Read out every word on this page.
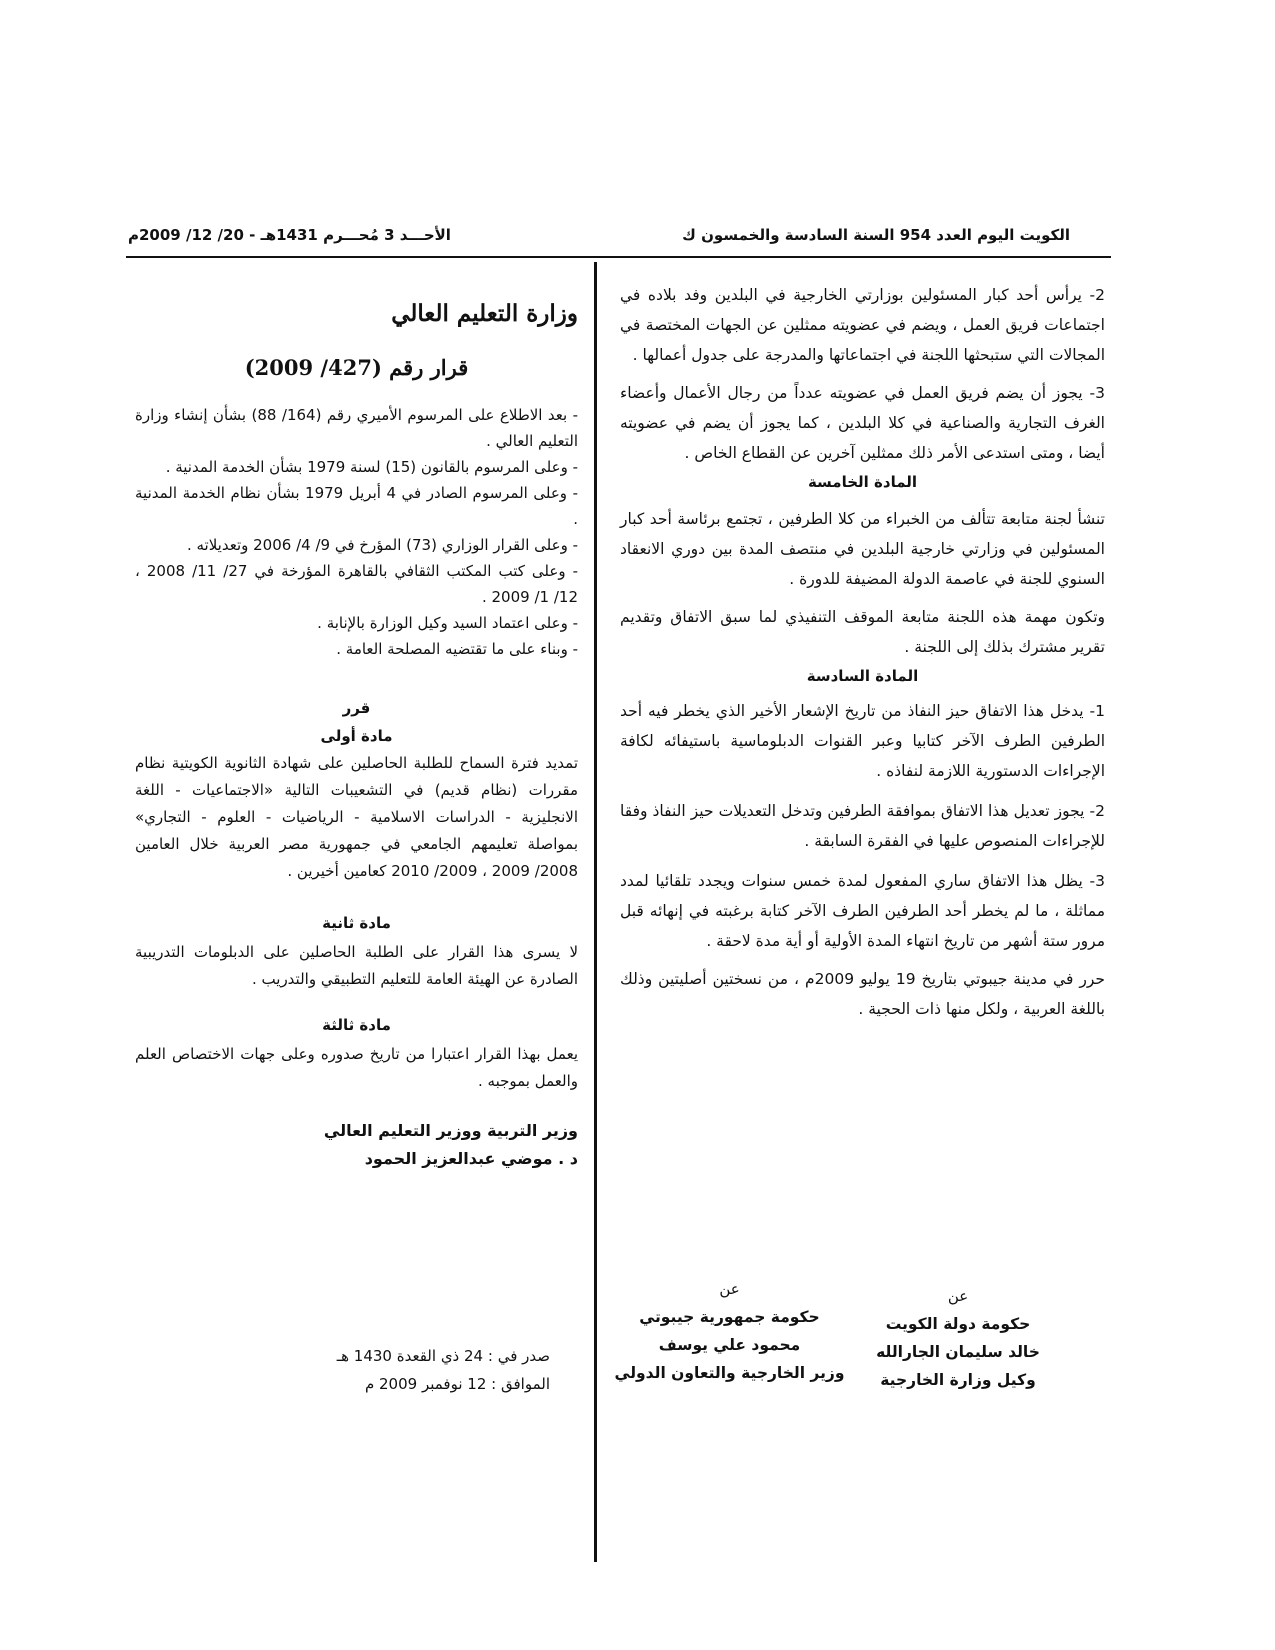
الكويت اليوم العدد 954 السنة السادسة والخمسون ك
الأحـــد 3 مُحـــرم 1431هـ - 20/ 12/ 2009م

2- يرأس أحد كبار المسئولين بوزارتي الخارجية في البلدين وفد بلاده في اجتماعات فريق العمل ، ويضم في عضويته ممثلين عن الجهات المختصة في المجالات التي ستبحثها اللجنة في اجتماعاتها والمدرجة على جدول أعمالها .

3- يجوز أن يضم فريق العمل في عضويته عدداً من رجال الأعمال وأعضاء الغرف التجارية والصناعية في كلا البلدين ، كما يجوز أن يضم في عضويته أيضا ، ومتى استدعى الأمر ذلك ممثلين آخرين عن القطاع الخاص .

المادة الخامسة

تنشأ لجنة متابعة تتألف من الخبراء من كلا الطرفين ، تجتمع برئاسة أحد كبار المسئولين في وزارتي خارجية البلدين في منتصف المدة بين دوري الانعقاد السنوي للجنة في عاصمة الدولة المضيفة للدورة .

وتكون مهمة هذه اللجنة متابعة الموقف التنفيذي لما سبق الاتفاق وتقديم تقرير مشترك بذلك إلى اللجنة .

المادة السادسة

1- يدخل هذا الاتفاق حيز النفاذ من تاريخ الإشعار الأخير الذي يخطر فيه أحد الطرفين الطرف الآخر كتابيا وعبر القنوات الدبلوماسية باستيفائه لكافة الإجراءات الدستورية اللازمة لنفاذه .

2- يجوز تعديل هذا الاتفاق بموافقة الطرفين وتدخل التعديلات حيز النفاذ وفقا للإجراءات المنصوص عليها في الفقرة السابقة .

3- يظل هذا الاتفاق ساري المفعول لمدة خمس سنوات ويجدد تلقائيا لمدد مماثلة ، ما لم يخطر أحد الطرفين الطرف الآخر كتابة برغبته في إنهائه قبل مرور ستة أشهر من تاريخ انتهاء المدة الأولية أو أية مدة لاحقة .

حرر في مدينة جيبوتي بتاريخ 19 يوليو 2009م ، من نسختين أصليتين وذلك باللغة العربية ، ولكل منها ذات الحجية .

عن
حكومة دولة الكويت
خالد سليمان الجارالله
وكيل وزارة الخارجية
عن
حكومة جمهورية جيبوتي
محمود علي يوسف
وزير الخارجية والتعاون الدولي
وزارة التعليم العالي
قرار رقم (427/ 2009)

- بعد الاطلاع على المرسوم الأميري رقم (164/ 88) بشأن إنشاء وزارة التعليم العالي .

- وعلى المرسوم بالقانون (15) لسنة 1979 بشأن الخدمة المدنية .

- وعلى المرسوم الصادر في 4 أبريل 1979 بشأن نظام الخدمة المدنية .

- وعلى القرار الوزاري (73) المؤرخ في 9/ 4/ 2006 وتعديلاته .

- وعلى كتب المكتب الثقافي بالقاهرة المؤرخة في 27/ 11/ 2008 ، 12/ 1/ 2009 .

- وعلى اعتماد السيد وكيل الوزارة بالإنابة .

- وبناء على ما تقتضيه المصلحة العامة .

قرر
مادة أولى

تمديد فترة السماح للطلبة الحاصلين على شهادة الثانوية الكويتية نظام مقررات (نظام قديم) في التشعيبات التالية «الاجتماعيات - اللغة الانجليزية - الدراسات الاسلامية - الرياضيات - العلوم - التجاري» بمواصلة تعليمهم الجامعي في جمهورية مصر العربية خلال العامين 2008/ 2009 ، 2009/ 2010 كعامين أخيرين .

مادة ثانية

لا يسرى هذا القرار على الطلبة الحاصلين على الدبلومات التدريبية الصادرة عن الهيئة العامة للتعليم التطبيقي والتدريب .

مادة ثالثة

يعمل بهذا القرار اعتبارا من تاريخ صدوره وعلى جهات الاختصاص العلم والعمل بموجبه .

وزير التربية ووزير التعليم العالي
د . موضي عبدالعزيز الحمود
صدر في : 24 ذي القعدة 1430 هـ
الموافق : 12 نوفمبر 2009 م
